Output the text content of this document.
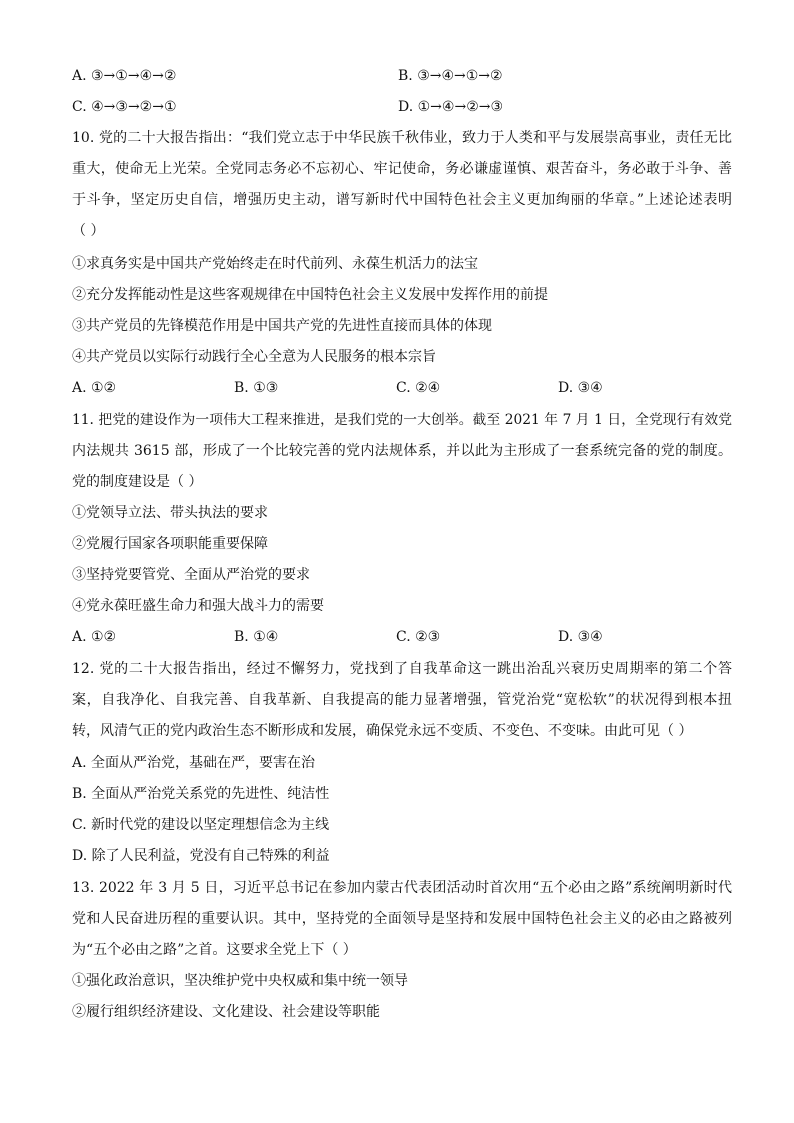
A. ③→①→④→②	B. ③→④→①→②
C. ④→③→②→①	D. ①→④→②→③
10. 党的二十大报告指出：“我们党立志于中华民族千秋伟业，致力于人类和平与发展崇高事业，责任无比
重大，使命无上光荣。全党同志务必不忘初心、牢记使命，务必谦虚谨慎、艰苦奋斗，务必敢于斗争、善
于斗争，坚定历史自信，增强历史主动，谱写新时代中国特色社会主义更加绚丽的华章。”上述论述表明
（ ）
①求真务实是中国共产党始终走在时代前列、永葆生机活力的法宝
②充分发挥能动性是这些客观规律在中国特色社会主义发展中发挥作用的前提
③共产党员的先锋模范作用是中国共产党的先进性直接而具体的体现
④共产党员以实际行动践行全心全意为人民服务的根本宗旨
A. ①②	B. ①③	C. ②④	D. ③④
11. 把党的建设作为一项伟大工程来推进，是我们党的一大创举。截至 2021 年 7 月 1 日，全党现行有效党
内法规共 3615 部，形成了一个比较完善的党内法规体系，并以此为主形成了一套系统完备的党的制度。
党的制度建设是（ ）
①党领导立法、带头执法的要求
②党履行国家各项职能重要保障
③坚持党要管党、全面从严治党的要求
④党永葆旺盛生命力和强大战斗力的需要
A. ①②	B. ①④	C. ②③	D. ③④
12. 党的二十大报告指出，经过不懈努力，党找到了自我革命这一跳出治乱兴衰历史周期率的第二个答
案，自我净化、自我完善、自我革新、自我提高的能力显著增强，管党治党“宽松软”的状况得到根本扭
转，风清气正的党内政治生态不断形成和发展，确保党永远不变质、不变色、不变味。由此可见（ ）
A. 全面从严治党，基础在严，要害在治
B. 全面从严治党关系党的先进性、纯洁性
C. 新时代党的建设以坚定理想信念为主线
D. 除了人民利益，党没有自己特殊的利益
13. 2022 年 3 月 5 日，习近平总书记在参加内蒙古代表团活动时首次用“五个必由之路”系统阐明新时代
党和人民奋进历程的重要认识。其中，坚持党的全面领导是坚持和发展中国特色社会主义的必由之路被列
为“五个必由之路”之首。这要求全党上下（ ）
①强化政治意识，坚决维护党中央权威和集中统一领导
②履行组织经济建设、文化建设、社会建设等职能
